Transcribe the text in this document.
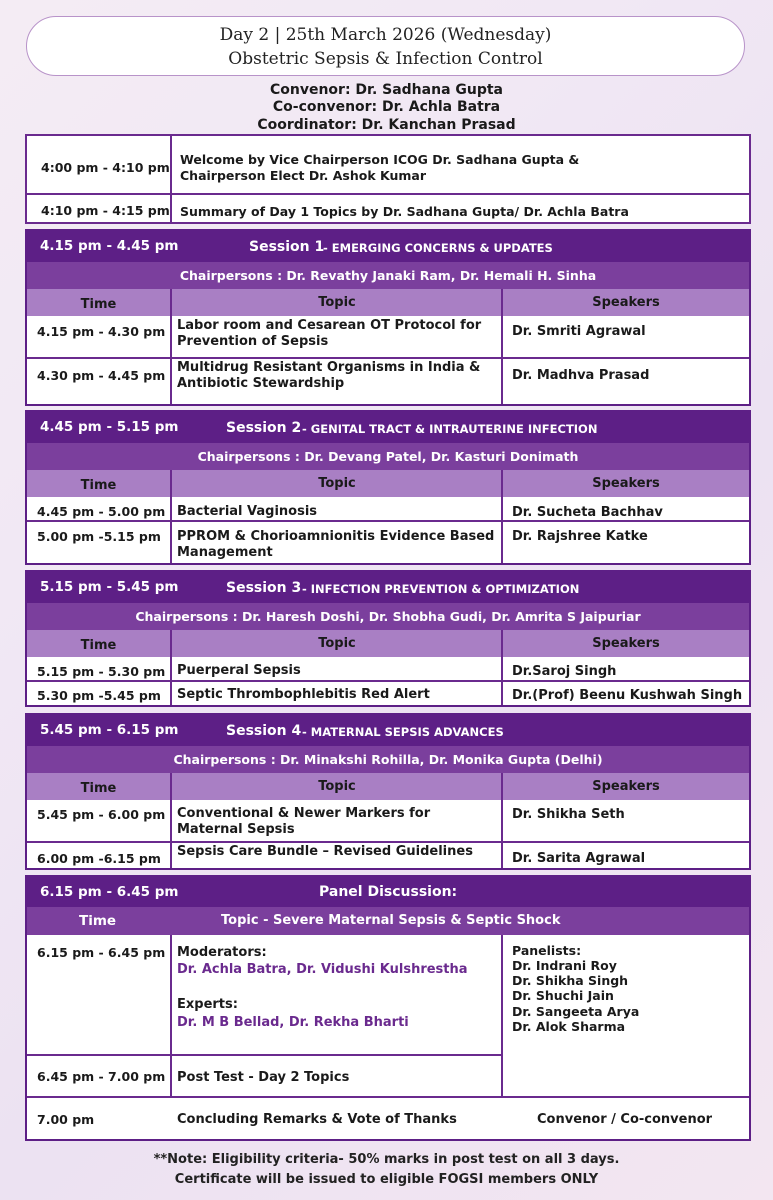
Day 2 | 25th March 2026 (Wednesday)
Obstetric Sepsis & Infection Control
Convenor: Dr. Sadhana Gupta
Co-convenor: Dr. Achla Batra
Coordinator: Dr. Kanchan Prasad
4:00 pm - 4:10 pm
Welcome by Vice Chairperson ICOG Dr. Sadhana Gupta & Chairperson Elect Dr. Ashok Kumar
4:10 pm - 4:15 pm Summary of Day 1 Topics by Dr. Sadhana Gupta/ Dr. Achla Batra
4.15 pm - 4.45 pm	Session 1
- EMERGING CONCERNS & UPDATES
Chairpersons : Dr. Revathy Janaki Ram, Dr. Hemali H. Sinha
Time	Topic	Speakers
4.15 pm - 4.30 pm Labor room and Cesarean OT Protocol for Prevention of Sepsis
Dr. Smriti Agrawal
4.30 pm - 4.45 pm
Multidrug Resistant Organisms in India & Antibiotic Stewardship
Dr. Madhva Prasad
4.45 pm - 5.15 pm	Session 2 - GENITAL TRACT & INTRAUTERINE INFECTION
Chairpersons : Dr. Devang Patel, Dr. Kasturi Donimath
Time	Topic	Speakers
4.45 pm - 5.00 pm Bacterial Vaginosis	Dr. Sucheta Bachhav
5.00 pm -5.15 pm	PPROM & Chorioamnionitis Evidence Based Management
Dr. Rajshree Katke
5.15 pm - 5.45 pm	Session 3 - INFECTION PREVENTION & OPTIMIZATION
Chairpersons : Dr. Haresh Doshi, Dr. Shobha Gudi, Dr. Amrita S Jaipuriar
Time	Topic	Speakers
5.15 pm - 5.30 pm Puerperal Sepsis	Dr.Saroj Singh
5.30 pm -5.45 pm	Septic Thrombophlebitis Red Alert	Dr.(Prof) Beenu Kushwah Singh
5.45 pm - 6.15 pm	Session 4 - MATERNAL SEPSIS ADVANCES
Chairpersons : Dr. Minakshi Rohilla, Dr. Monika Gupta (Delhi)
Time	Topic	Speakers
5.45 pm - 6.00 pm Conventional & Newer Markers for Maternal Sepsis
Dr. Shikha Seth
6.00 pm -6.15 pm	Sepsis Care Bundle – Revised Guidelines	Dr. Sarita Agrawal
6.15 pm - 6.45 pm	Panel Discussion:
Time	Topic - Severe Maternal Sepsis & Septic Shock
6.15 pm - 6.45 pm Moderators:
Dr. Achla Batra, Dr. Vidushi Kulshrestha
Experts:
Dr. M B Bellad, Dr. Rekha Bharti
Panelists:
Dr. Indrani Roy
Dr. Shikha Singh
Dr. Shuchi Jain
Dr. Sangeeta Arya
Dr. Alok Sharma
6.45 pm - 7.00 pm Post Test - Day 2 Topics
7.00 pm	Concluding Remarks & Vote of Thanks	Convenor / Co-convenor
**Note: Eligibility criteria- 50% marks in post test on all 3 days.
Certificate will be issued to eligible FOGSI members ONLY
